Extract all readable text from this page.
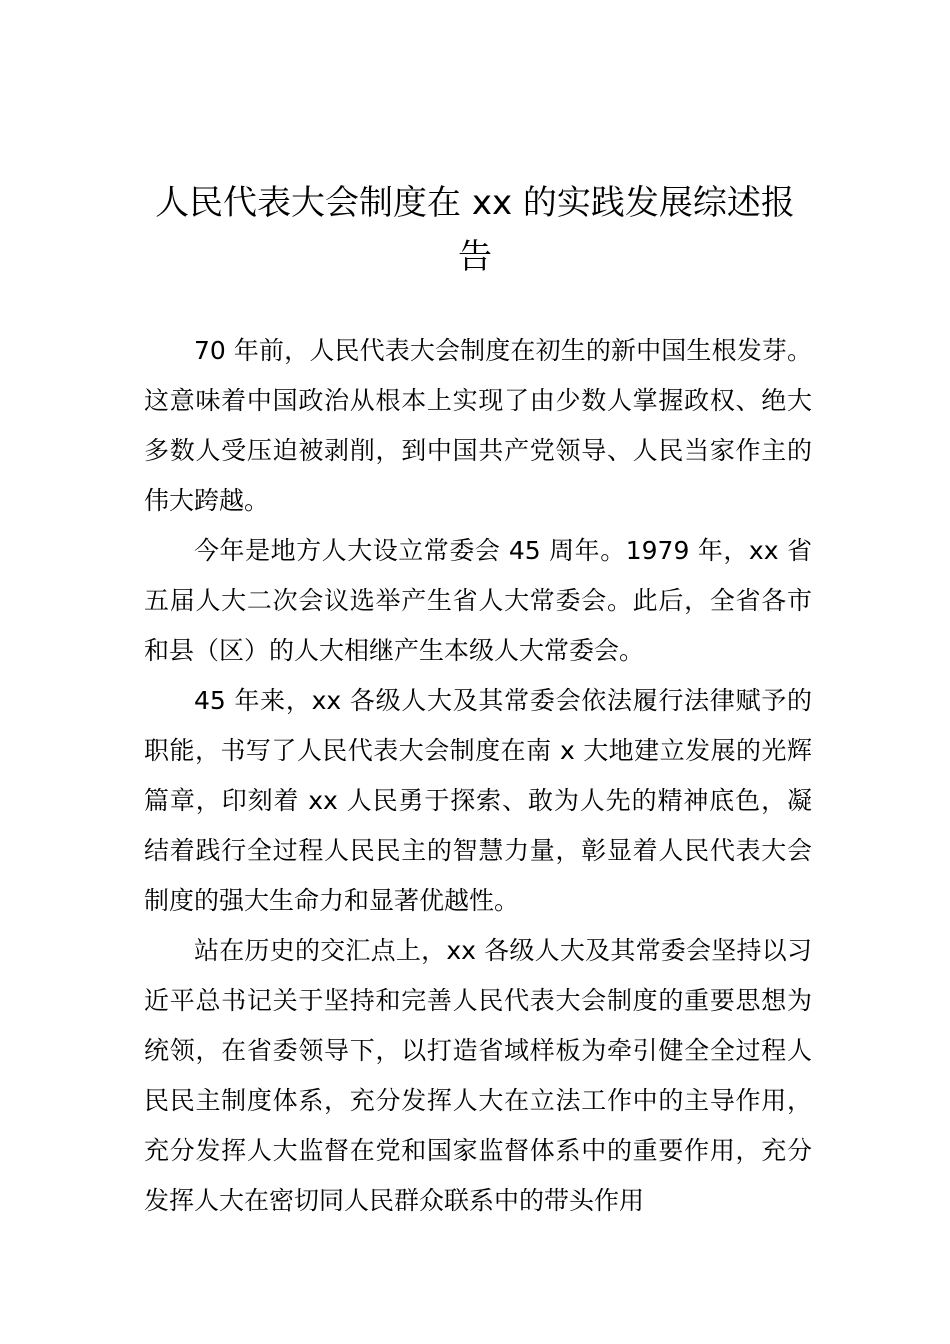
人民代表大会制度在 xx 的实践发展综述报告

70 年前，人民代表大会制度在初生的新中国生根发芽。这意味着中国政治从根本上实现了由少数人掌握政权、绝大多数人受压迫被剥削，到中国共产党领导、人民当家作主的伟大跨越。

今年是地方人大设立常委会 45 周年。1979 年，xx 省五届人大二次会议选举产生省人大常委会。此后，全省各市和县（区）的人大相继产生本级人大常委会。

45 年来，xx 各级人大及其常委会依法履行法律赋予的职能，书写了人民代表大会制度在南 x 大地建立发展的光辉篇章，印刻着 xx 人民勇于探索、敢为人先的精神底色，凝结着践行全过程人民民主的智慧力量，彰显着人民代表大会制度的强大生命力和显著优越性。

站在历史的交汇点上，xx 各级人大及其常委会坚持以习近平总书记关于坚持和完善人民代表大会制度的重要思想为统领，在省委领导下，以打造省域样板为牵引健全全过程人民民主制度体系，充分发挥人大在立法工作中的主导作用，充分发挥人大监督在党和国家监督体系中的重要作用，充分发挥人大在密切同人民群众联系中的带头作用
